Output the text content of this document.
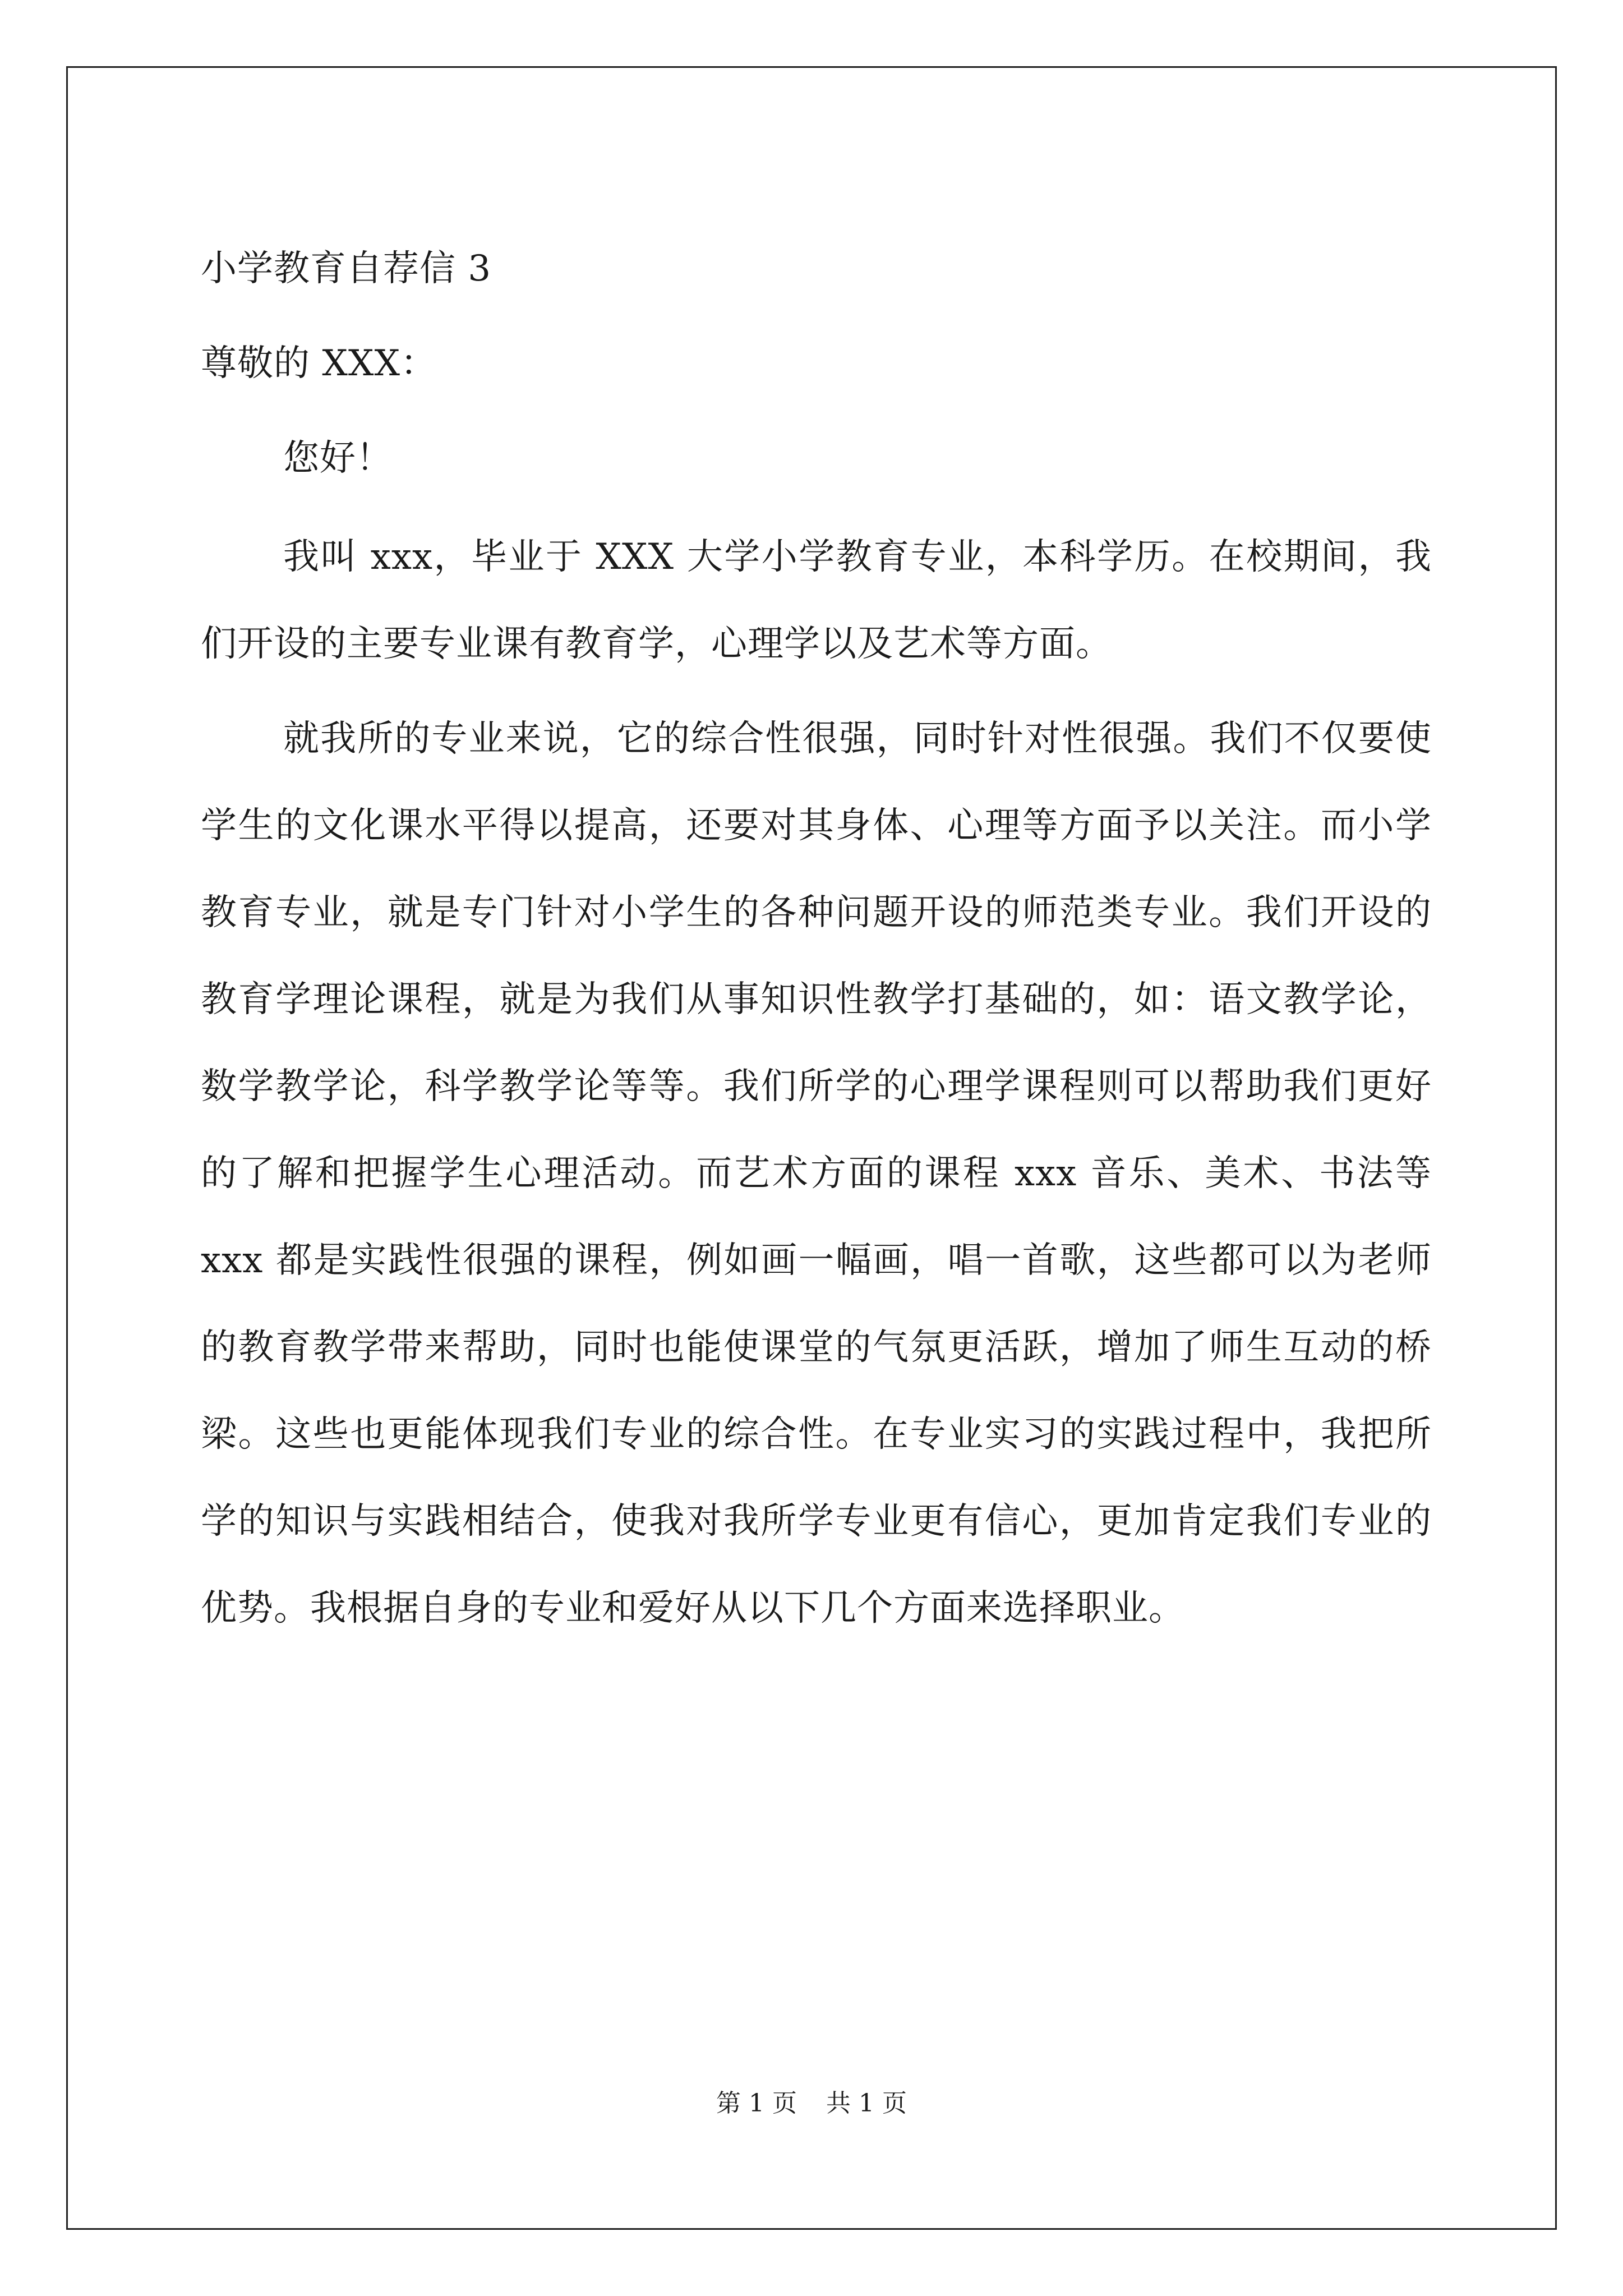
小学教育自荐信 3
尊敬的 XXX：
您好！
我叫 xxx，毕业于 XXX 大学小学教育专业，本科学历。在校期间，我们开设的主要专业课有教育学，心理学以及艺术等方面。
就我所的专业来说，它的综合性很强，同时针对性很强。我们不仅要使学生的文化课水平得以提高，还要对其身体、心理等方面予以关注。而小学教育专业，就是专门针对小学生的各种问题开设的师范类专业。我们开设的教育学理论课程，就是为我们从事知识性教学打基础的，如：语文教学论，数学教学论，科学教学论等等。我们所学的心理学课程则可以帮助我们更好的了解和把握学生心理活动。而艺术方面的课程 xxx 音乐、美术、书法等 xxx 都是实践性很强的课程，例如画一幅画，唱一首歌，这些都可以为老师的教育教学带来帮助，同时也能使课堂的气氛更活跃，增加了师生互动的桥梁。这些也更能体现我们专业的综合性。在专业实习的实践过程中，我把所学的知识与实践相结合，使我对我所学专业更有信心，更加肯定我们专业的优势。我根据自身的专业和爱好从以下几个方面来选择职业。
第 1 页 共 1 页
